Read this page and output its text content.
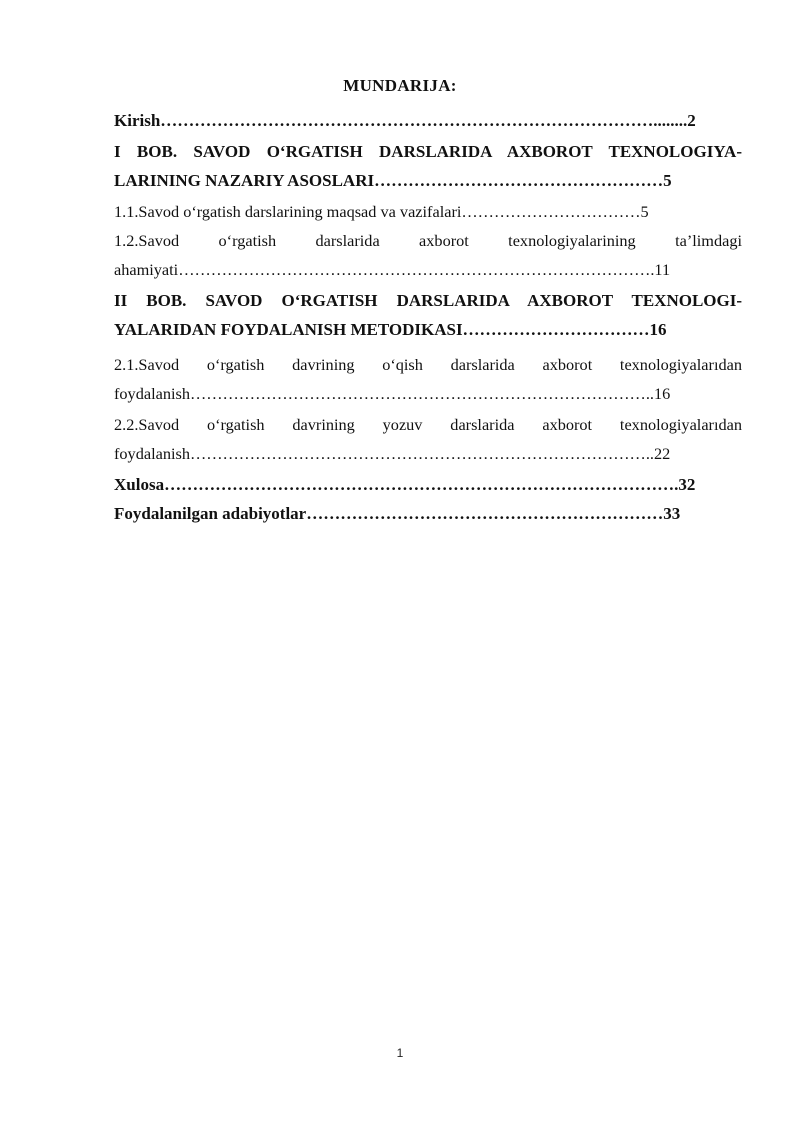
MUNDARIJA:
Kirish……………………………………………………………………………........2
I BOB. SAVOD O‘RGATISH DARSLARIDA AXBOROT TEXNOLOGIYA-
LARINING NAZARIY ASOSLARI……………………………………………5
1.1.Savod o‘rgatish darslarining maqsad va vazifalari……………………………5
1.2.Savod o‘rgatish darslarida axborot texnologiyalarining ta’limdagi
ahamiyati…………………………………………………………………………….11
II BOB. SAVOD O‘RGATISH DARSLARIDA AXBOROT TEXNOLOGI-
YALARIDAN FOYDALANISH METODIKASI……………………………16
2.1.Savod o‘rgatish davrining o‘qish darslarida axborot texnologiyalarıdan
foydalanish…………………………………………………………………………..16
2.2.Savod o‘rgatish davrining yozuv darslarida axborot texnologiyalarıdan
foydalanish…………………………………………………………………………..22
Xulosa……………………………………………………………………………….32
Foydalanilgan adabiyotlar………………………………………………………33
1
